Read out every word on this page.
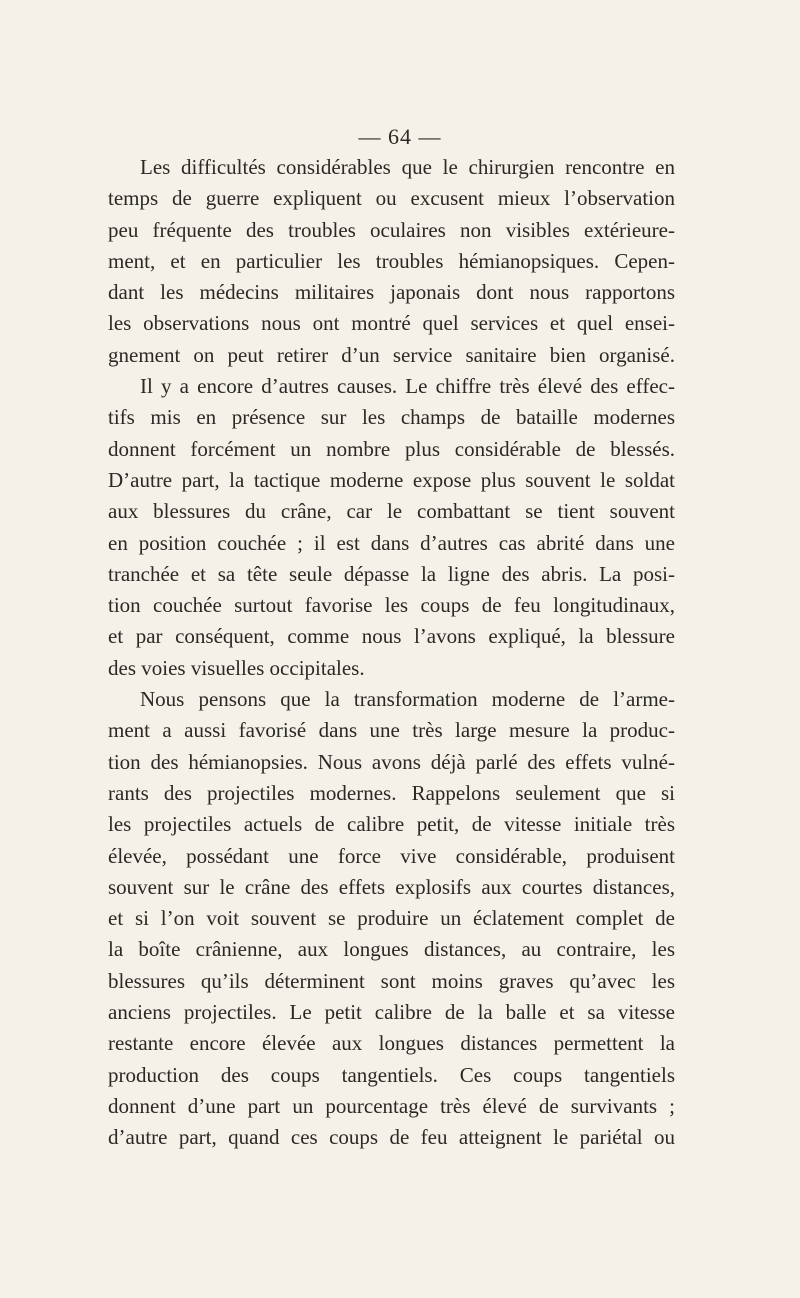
— 64 —
Les difficultés considérables que le chirurgien rencontre en
temps de guerre expliquent ou excusent mieux l’observation
peu fréquente des troubles oculaires non visibles extérieure-
ment, et en particulier les troubles hémianopsiques. Cepen-
dant les médecins militaires japonais dont nous rapportons
les observations nous ont montré quel services et quel ensei-
gnement on peut retirer d’un service sanitaire bien organisé.
Il y a encore d’autres causes. Le chiffre très élevé des effec-
tifs mis en présence sur les champs de bataille modernes
donnent forcément un nombre plus considérable de blessés.
D’autre part, la tactique moderne expose plus souvent le soldat
aux blessures du crâne, car le combattant se tient souvent
en position couchée ; il est dans d’autres cas abrité dans une
tranchée et sa tête seule dépasse la ligne des abris. La posi-
tion couchée surtout favorise les coups de feu longitudinaux,
et par conséquent, comme nous l’avons expliqué, la blessure
des voies visuelles occipitales.
Nous pensons que la transformation moderne de l’arme-
ment a aussi favorisé dans une très large mesure la produc-
tion des hémianopsies. Nous avons déjà parlé des effets vulné-
rants des projectiles modernes. Rappelons seulement que si
les projectiles actuels de calibre petit, de vitesse initiale très
élevée, possédant une force vive considérable, produisent
souvent sur le crâne des effets explosifs aux courtes distances,
et si l’on voit souvent se produire un éclatement complet de
la boîte crânienne, aux longues distances, au contraire, les
blessures qu’ils déterminent sont moins graves qu’avec les
anciens projectiles. Le petit calibre de la balle et sa vitesse
restante encore élevée aux longues distances permettent la
production des coups tangentiels. Ces coups tangentiels
donnent d’une part un pourcentage très élevé de survivants ;
d’autre part, quand ces coups de feu atteignent le pariétal ou
